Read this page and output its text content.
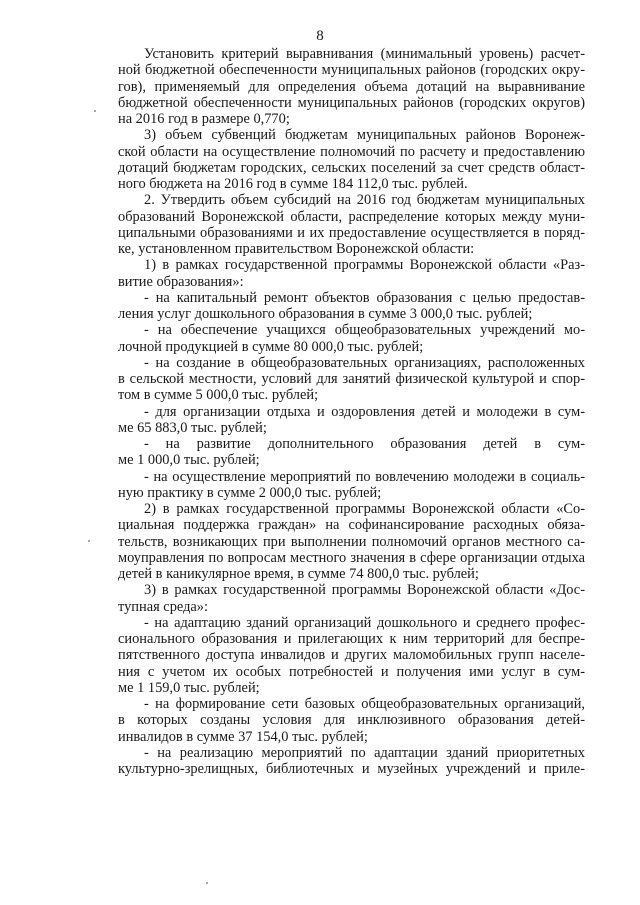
8
Установить критерий выравнивания (минимальный уровень) расчет-
ной бюджетной обеспеченности муниципальных районов (городских окру-
гов), применяемый для определения объема дотаций на выравнивание
бюджетной обеспеченности муниципальных районов (городских округов)
на 2016 год в размере 0,770;
3) объем субвенций бюджетам муниципальных районов Воронеж-
ской области на осуществление полномочий по расчету и предоставлению
дотаций бюджетам городских, сельских поселений за счет средств област-
ного бюджета на 2016 год в сумме 184 112,0 тыс. рублей.
2. Утвердить объем субсидий на 2016 год бюджетам муниципальных
образований Воронежской области, распределение которых между муни-
ципальными образованиями и их предоставление осуществляется в поряд-
ке, установленном правительством Воронежской области:
1) в рамках государственной программы Воронежской области «Раз-
витие образования»:
- на капитальный ремонт объектов образования с целью предостав-
ления услуг дошкольного образования в сумме 3 000,0 тыс. рублей;
- на обеспечение учащихся общеобразовательных учреждений мо-
лочной продукцией в сумме 80 000,0 тыс. рублей;
- на создание в общеобразовательных организациях, расположенных
в сельской местности, условий для занятий физической культурой и спор-
том в сумме 5 000,0 тыс. рублей;
- для организации отдыха и оздоровления детей и молодежи в сум-
ме 65 883,0 тыс. рублей;
- на развитие дополнительного образования детей в сум-
ме 1 000,0 тыс. рублей;
- на осуществление мероприятий по вовлечению молодежи в социаль-
ную практику в сумме 2 000,0 тыс. рублей;
2) в рамках государственной программы Воронежской области «Со-
циальная поддержка граждан» на софинансирование расходных обяза-
тельств, возникающих при выполнении полномочий органов местного са-
моуправления по вопросам местного значения в сфере организации отдыха
детей в каникулярное время, в сумме 74 800,0 тыс. рублей;
3) в рамках государственной программы Воронежской области «Дос-
тупная среда»:
- на адаптацию зданий организаций дошкольного и среднего профес-
сионального образования и прилегающих к ним территорий для беспре-
пятственного доступа инвалидов и других маломобильных групп населе-
ния с учетом их особых потребностей и получения ими услуг в сум-
ме 1 159,0 тыс. рублей;
- на формирование сети базовых общеобразовательных организаций,
в которых созданы условия для инклюзивного образования детей-
инвалидов в сумме 37 154,0 тыс. рублей;
- на реализацию мероприятий по адаптации зданий приоритетных
культурно-зрелищных, библиотечных и музейных учреждений и приле-
